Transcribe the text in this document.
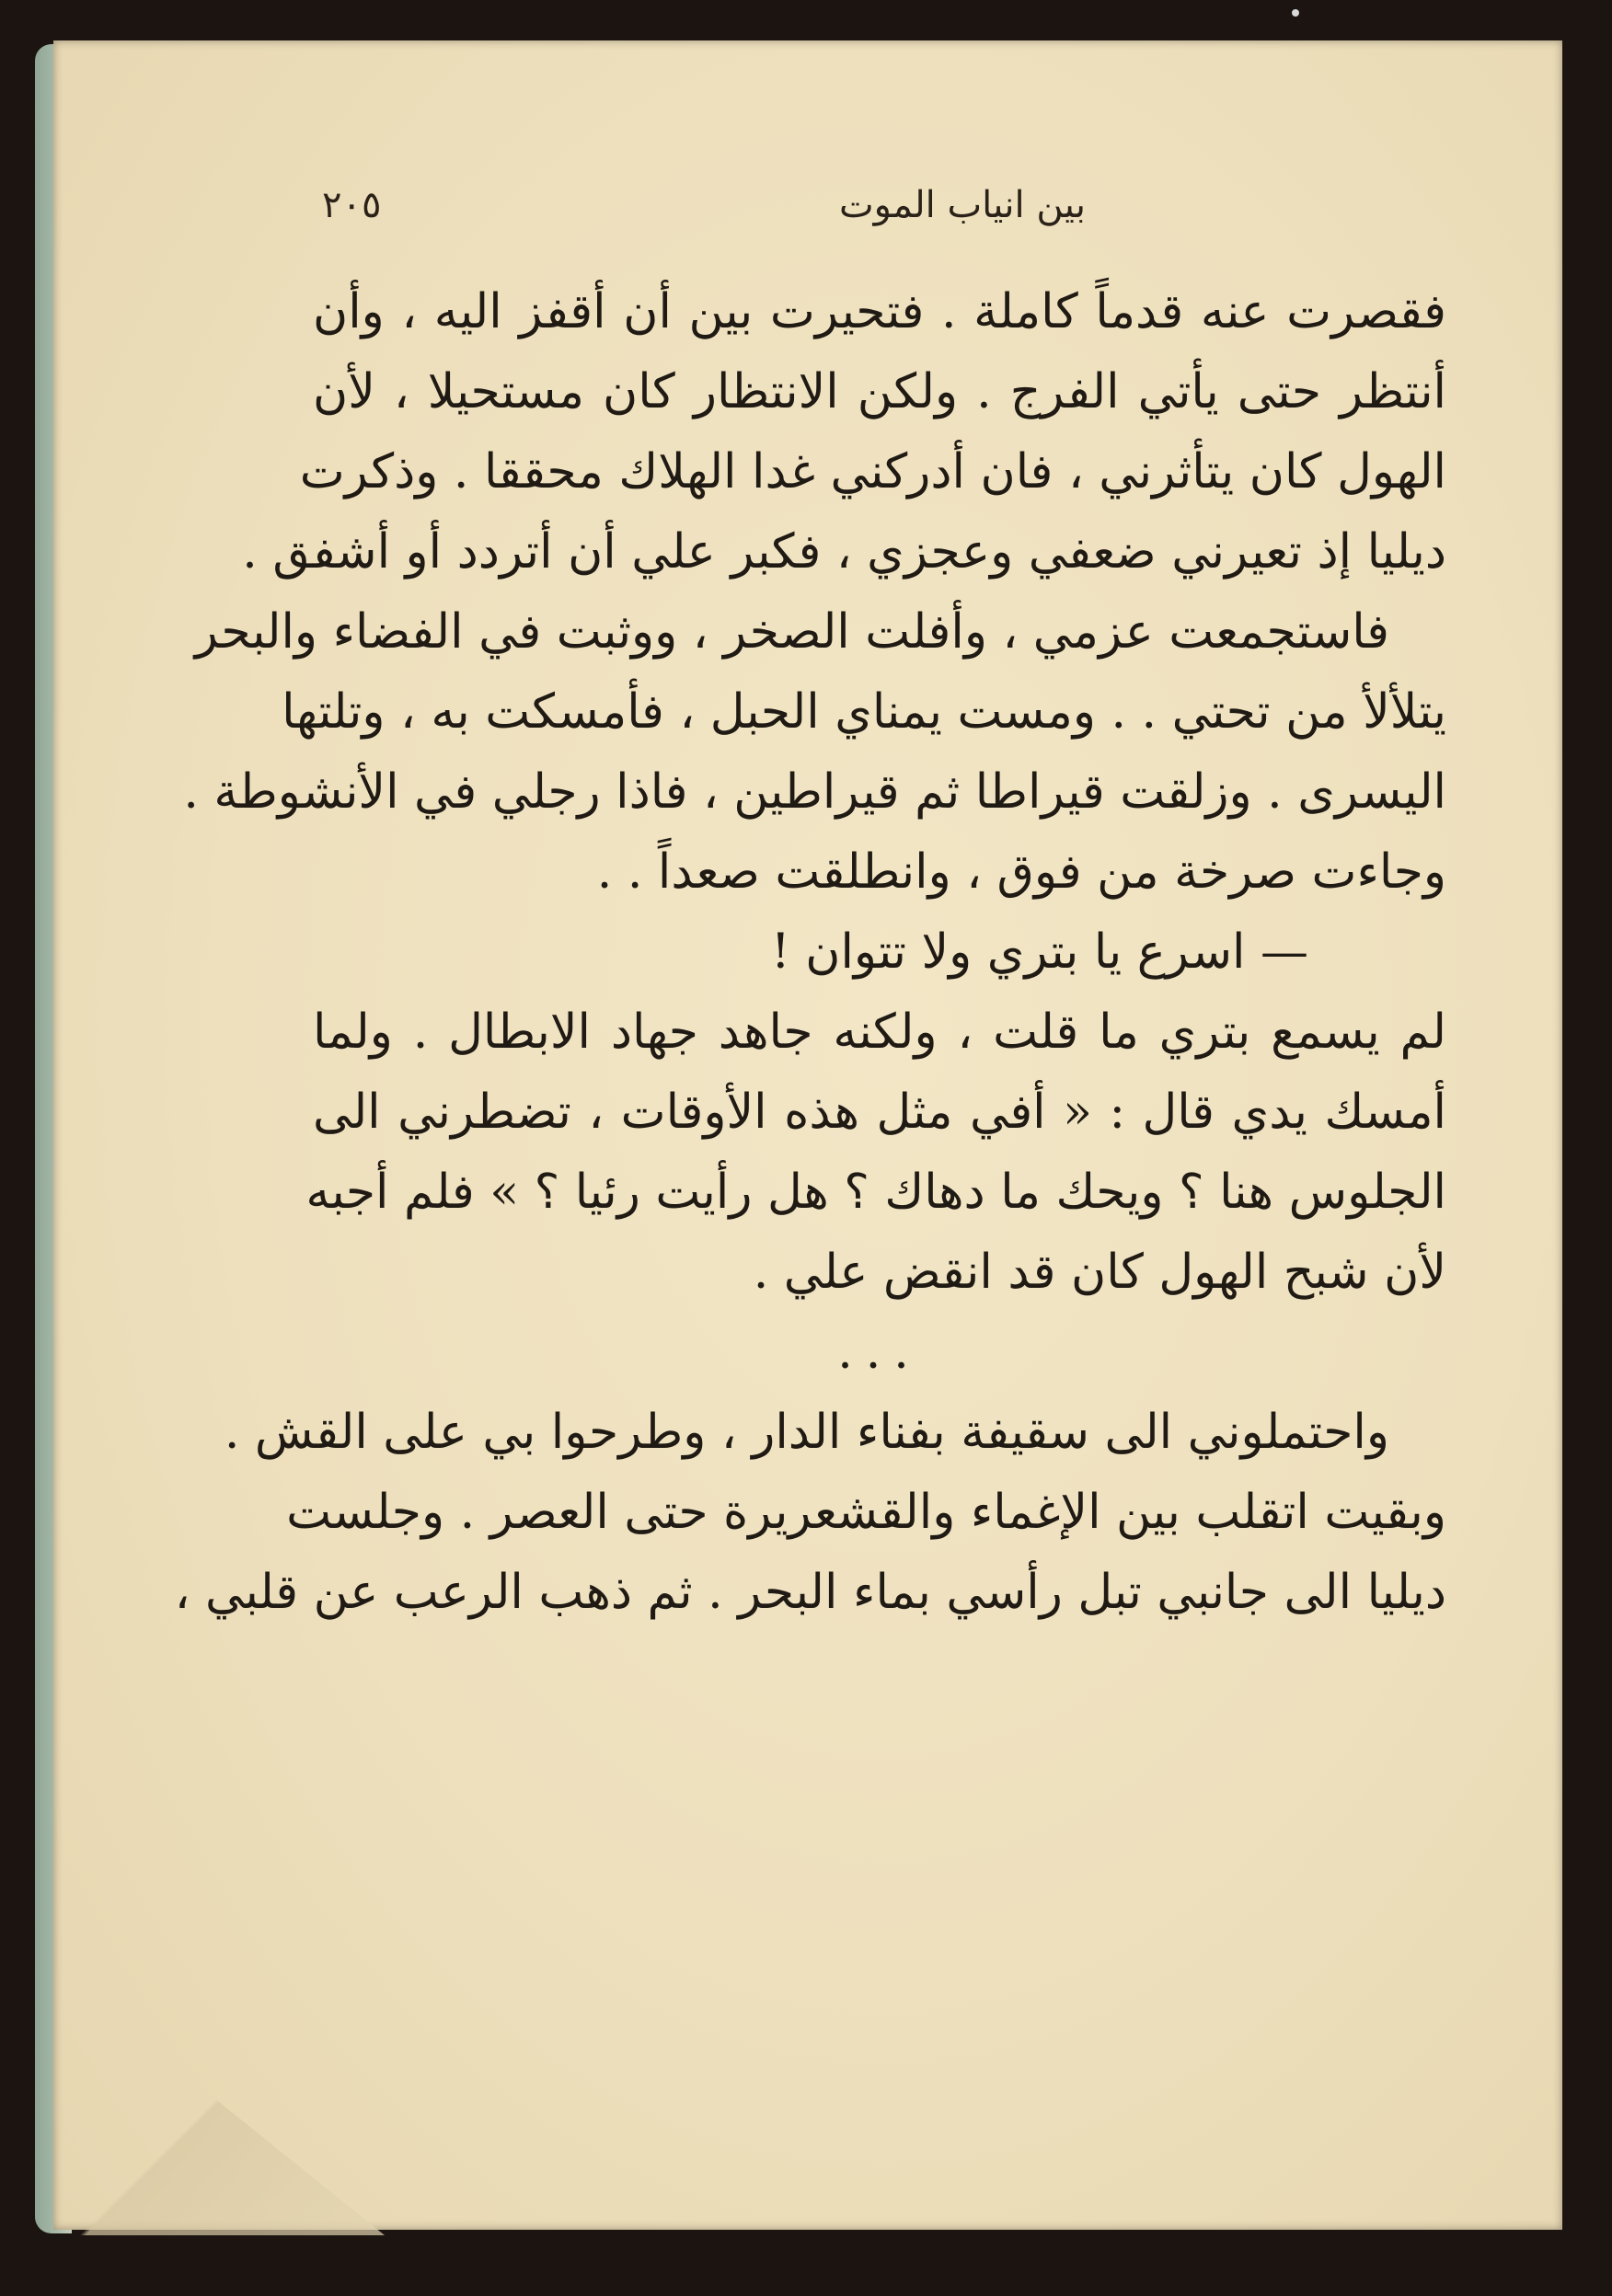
بين انياب الموت
٢٠٥
فقصرت عنه قدماً كاملة . فتحيرت بين أن أقفز اليه ، وأن
أنتظر حتى يأتي الفرج . ولكن الانتظار كان مستحيلا ، لأن
الهول كان يتأثرني ، فان أدركني غدا الهلاك محققا . وذكرت
ديليا إذ تعيرني ضعفي وعجزي ، فكبر علي أن أتردد أو أشفق .
فاستجمعت عزمي ، وأفلت الصخر ، ووثبت في الفضاء والبحر
يتلألأ من تحتي . . ومست يمناي الحبل ، فأمسكت به ، وتلتها
اليسرى . وزلقت قيراطا ثم قيراطين ، فاذا رجلي في الأنشوطة .
وجاءت صرخة من فوق ، وانطلقت صعداً . .
— اسرع يا بتري ولا تتوان !
لم يسمع بتري ما قلت ، ولكنه جاهد جهاد الابطال . ولما
أمسك يدي قال : « أفي مثل هذه الأوقات ، تضطرني الى
الجلوس هنا ؟ ويحك ما دهاك ؟ هل رأيت رئيا ؟ » فلم أجبه
لأن شبح الهول كان قد انقض علي .
...
واحتملوني الى سقيفة بفناء الدار ، وطرحوا بي على القش .
وبقيت اتقلب بين الإغماء والقشعريرة حتى العصر . وجلست
ديليا الى جانبي تبل رأسي بماء البحر . ثم ذهب الرعب عن قلبي ،
